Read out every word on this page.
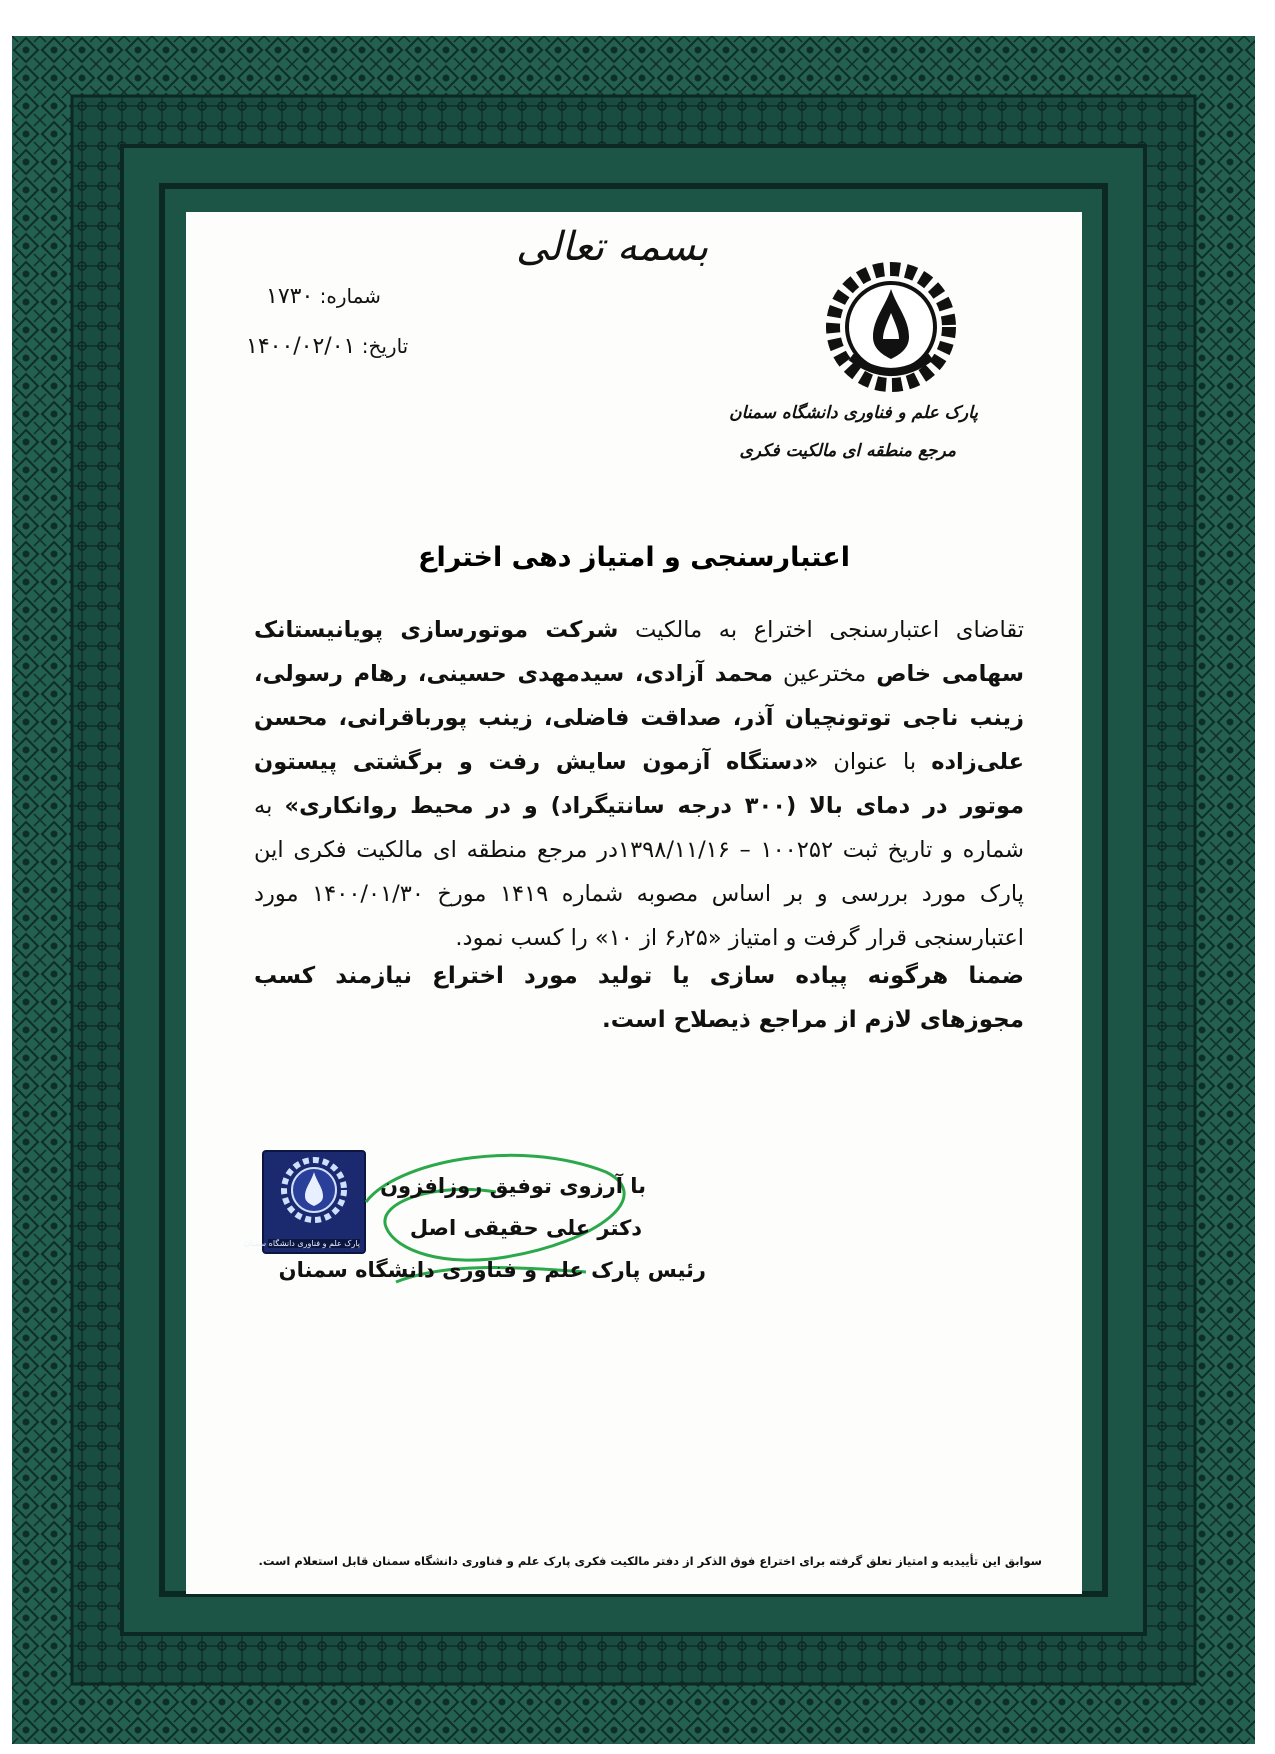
بسمه تعالی
شماره: ۱۷۳۰
تاریخ: ۱۴۰۰/۰۲/۰۱
پارک علم و فناوری دانشگاه سمنان
مرجع منطقه ای مالکیت فکری
اعتبارسنجی و امتیاز دهی اختراع
تقاضای اعتبارسنجی اختراع به مالکیت شرکت موتورسازی پویانیستانک سهامی خاص مخترعین محمد آزادی، سیدمهدی حسینی، رهام رسولی، زینب ناجی توتونچیان آذر، صداقت فاضلی، زینب پورباقرانی، محسن علی‌زاده با عنوان «دستگاه آزمون سایش رفت و برگشتی پیستون موتور در دمای بالا (۳۰۰ درجه سانتیگراد) و در محیط روانکاری» به شماره و تاریخ ثبت ۱۰۰۲۵۲ – ۱۳۹۸/۱۱/۱۶در مرجع منطقه ای مالکیت فکری این پارک مورد بررسی و بر اساس مصوبه شماره ۱۴۱۹ مورخ ۱۴۰۰/۰۱/۳۰ مورد اعتبارسنجی قرار گرفت و امتیاز «۶٫۲۵ از ۱۰» را کسب نمود.
ضمنا هرگونه پیاده سازی یا تولید مورد اختراع نیازمند کسب مجوزهای لازم از مراجع ذیصلاح است.
پارک علم و فناوری دانشگاه سمنان
با آرزوی توفیق روزافزون
دکتر علی حقیقی اصل
رئیس پارک علم و فناوری دانشگاه سمنان
سوابق این تأییدیه و امتیاز تعلق گرفته برای اختراع فوق الذکر از دفتر مالکیت فکری پارک علم و فناوری دانشگاه سمنان قابل استعلام است.
